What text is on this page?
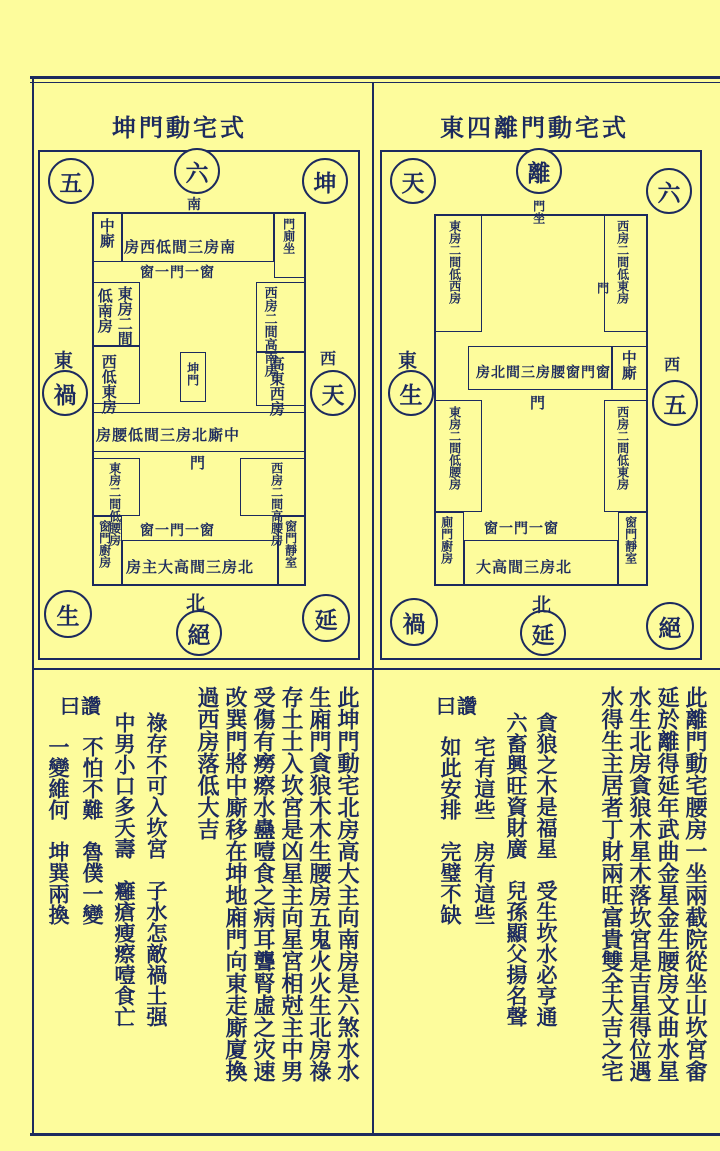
坤門動宅式
五	六	坤
禍	天
生
絕
延
南
東	西
北
中廝 南房三間低西房	門廁坐
窗一門一窗
東房二間
低南房
西低東房
西房二間高南房
高東西房
坤門
中廝北房三間低腰房
門
東房二間低腰房	西房二間高腰房
窗一門一窗
窗門廚房 北房三間高大主房 窗門靜室
此坤門動宅北房高大主向南房是六煞水水
生廂門貪狼木木生腰房五鬼火火生北房祿
存土土入坎宮是凶星主向星宮相尅主中男
受傷有癆瘵水蠱噎食之病耳聾腎虛之灾速
改巽門將中廝移在坤地廂門向東走廝廈換
過西房落低大吉
讚曰
祿存不可入坎宮　子水怎敵禍土强
中男小口多夭壽　癰瘡瘦瘵噎食亡
不怕不難　魯僕一變
一變維何　坤巽兩換
東四離門動宅式
天	離
六
生	五
禍	延	絕
東	西
北
門坐
東房二間低西房	西房二間低東房
門
窗門窗腰房三間北房 中廝
門
東房二間低腰房	西房二間低東房
窗一門一窗
廁門廚房
北房三間高大
窗門靜室
此離門動宅腰房一坐兩截院從坐山坎宮畬
延於離得延年武曲金星金生腰房文曲水星
水生北房貪狼木星木落坎宮是吉星得位遇
水得生主居者丁財兩旺富貴雙全大吉之宅
讚曰
貪狼之木是福星　受生坎水必亨通
六畜興旺資財廣　兒孫顯父揚名聲
宅有這些　房有這些
如此安排　完璧不缺
